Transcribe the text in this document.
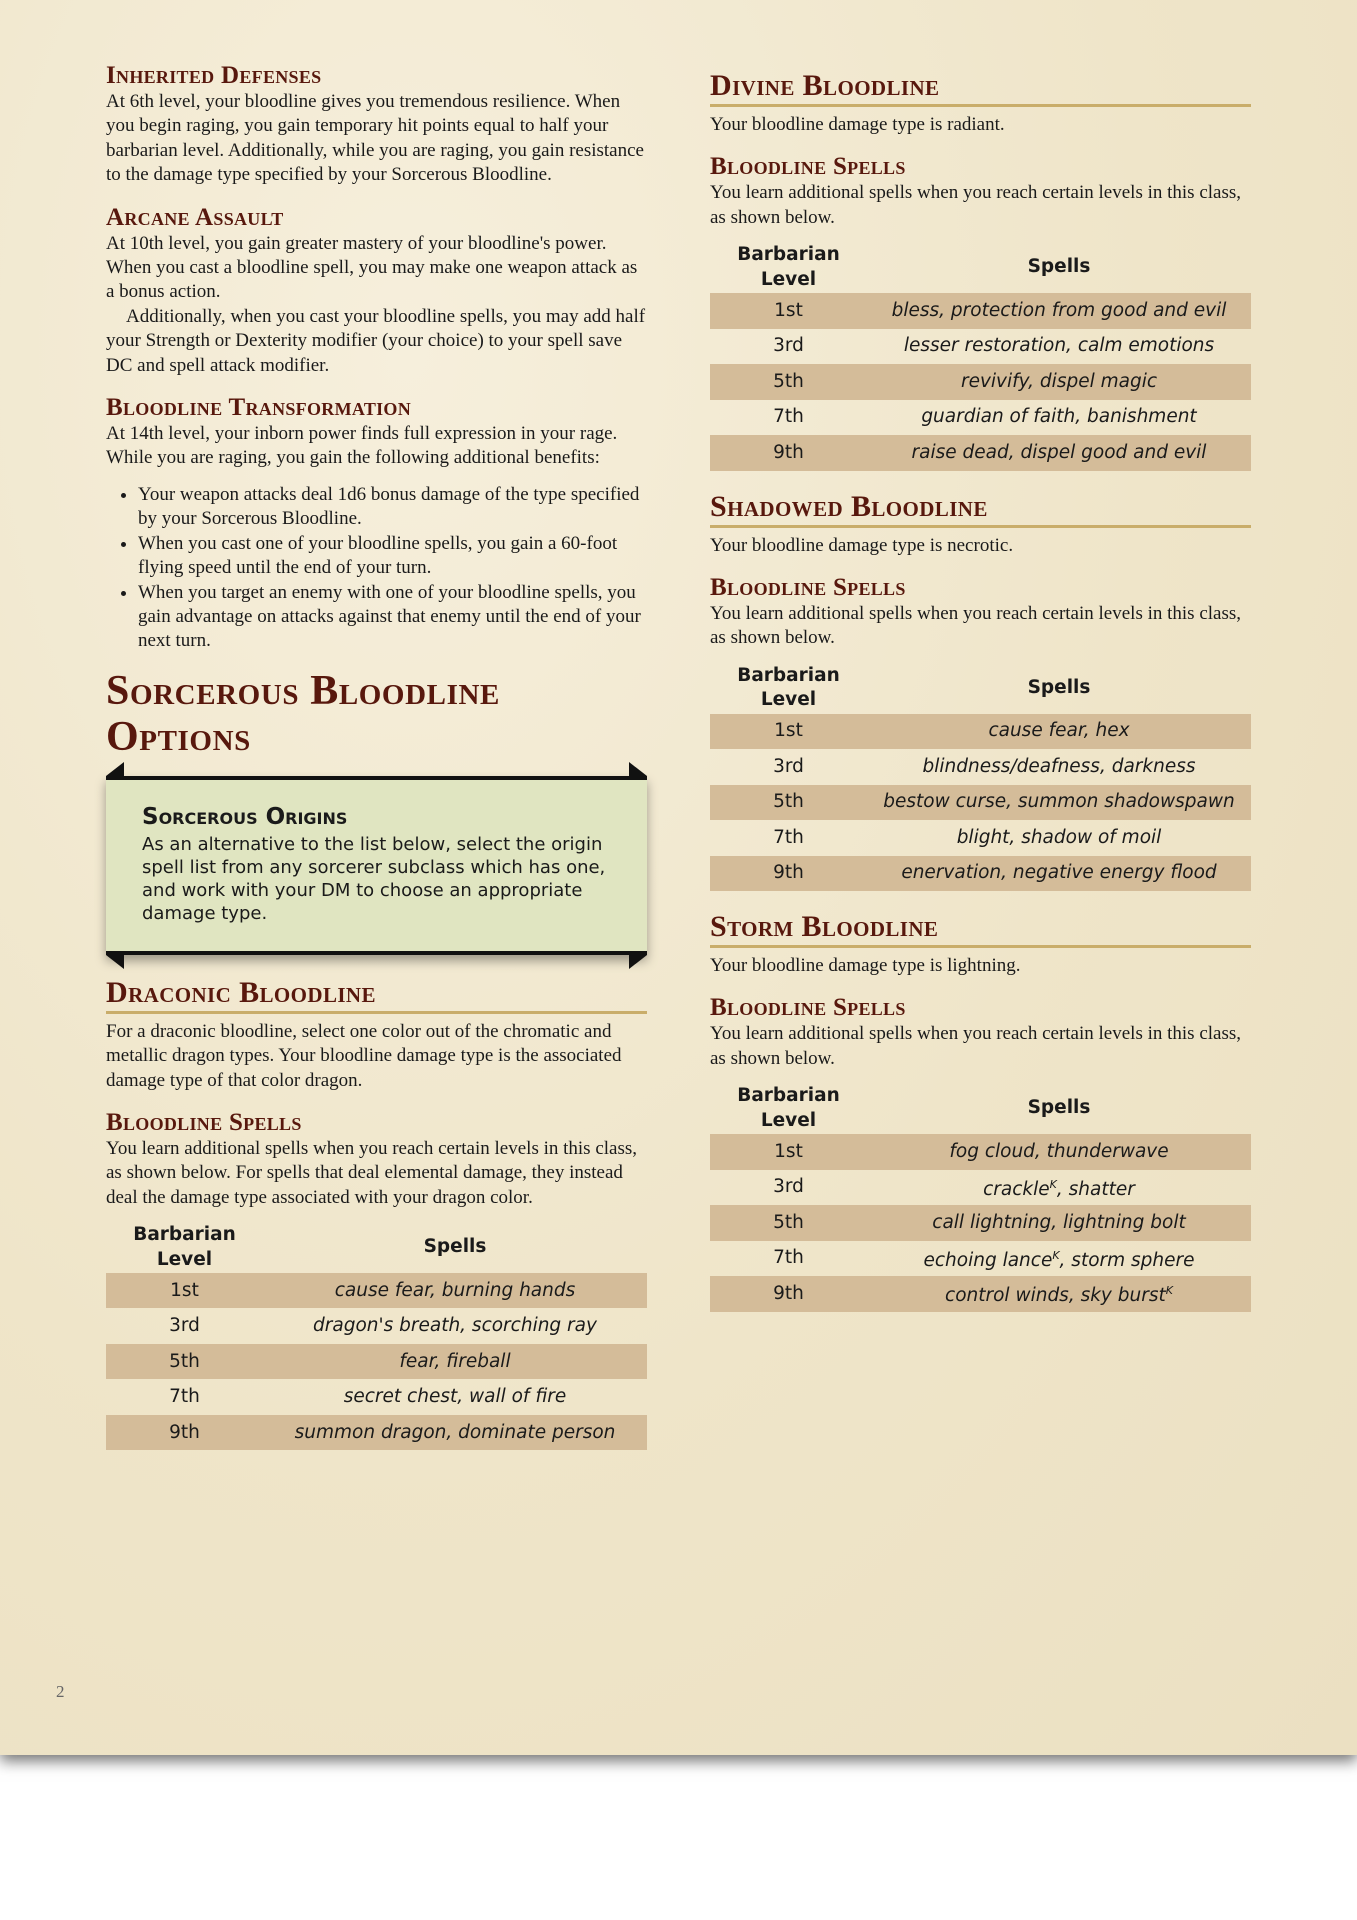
Inherited Defenses

At 6th level, your bloodline gives you tremendous resilience. When you begin raging, you gain temporary hit points equal to half your barbarian level. Additionally, while you are raging, you gain resistance to the damage type specified by your Sorcerous Bloodline.

Arcane Assault

At 10th level, you gain greater mastery of your bloodline's power. When you cast a bloodline spell, you may make one weapon attack as a bonus action.

Additionally, when you cast your bloodline spells, you may add half your Strength or Dexterity modifier (your choice) to your spell save DC and spell attack modifier.

Bloodline Transformation

At 14th level, your inborn power finds full expression in your rage. While you are raging, you gain the following additional benefits:

• Your weapon attacks deal 1d6 bonus damage of the type specified by your Sorcerous Bloodline.
• When you cast one of your bloodline spells, you gain a 60-foot flying speed until the end of your turn.
• When you target an enemy with one of your bloodline spells, you gain advantage on attacks against that enemy until the end of your next turn.
Sorcerous Bloodline Options
Sorcerous Origins

As an alternative to the list below, select the origin spell list from any sorcerer subclass which has one, and work with your DM to choose an appropriate damage type.

Draconic Bloodline

For a draconic bloodline, select one color out of the chromatic and metallic dragon types. Your bloodline damage type is the associated damage type of that color dragon.

Bloodline Spells

You learn additional spells when you reach certain levels in this class, as shown below. For spells that deal elemental damage, they instead deal the damage type associated with your dragon color.

Barbarian Level	Spells
1st	cause fear, burning hands
3rd	dragon's breath, scorching ray
5th	fear, fireball
7th	secret chest, wall of fire
9th	summon dragon, dominate person
Divine Bloodline

Your bloodline damage type is radiant.

Bloodline Spells

You learn additional spells when you reach certain levels in this class, as shown below.

Barbarian Level	Spells
1st	bless, protection from good and evil
3rd	lesser restoration, calm emotions
5th	revivify, dispel magic
7th	guardian of faith, banishment
9th	raise dead, dispel good and evil
Shadowed Bloodline

Your bloodline damage type is necrotic.

Bloodline Spells

You learn additional spells when you reach certain levels in this class, as shown below.

Barbarian Level	Spells
1st	cause fear, hex
3rd	blindness/deafness, darkness
5th	bestow curse, summon shadowspawn
7th	blight, shadow of moil
9th	enervation, negative energy flood
Storm Bloodline

Your bloodline damage type is lightning.

Bloodline Spells

You learn additional spells when you reach certain levels in this class, as shown below.

Barbarian Level	Spells
1st	fog cloud, thunderwave
3rd	crackle$^K$, shatter
5th	call lightning, lightning bolt
7th	echoing lance$^K$, storm sphere
9th	control winds, sky burst$^K$
2
